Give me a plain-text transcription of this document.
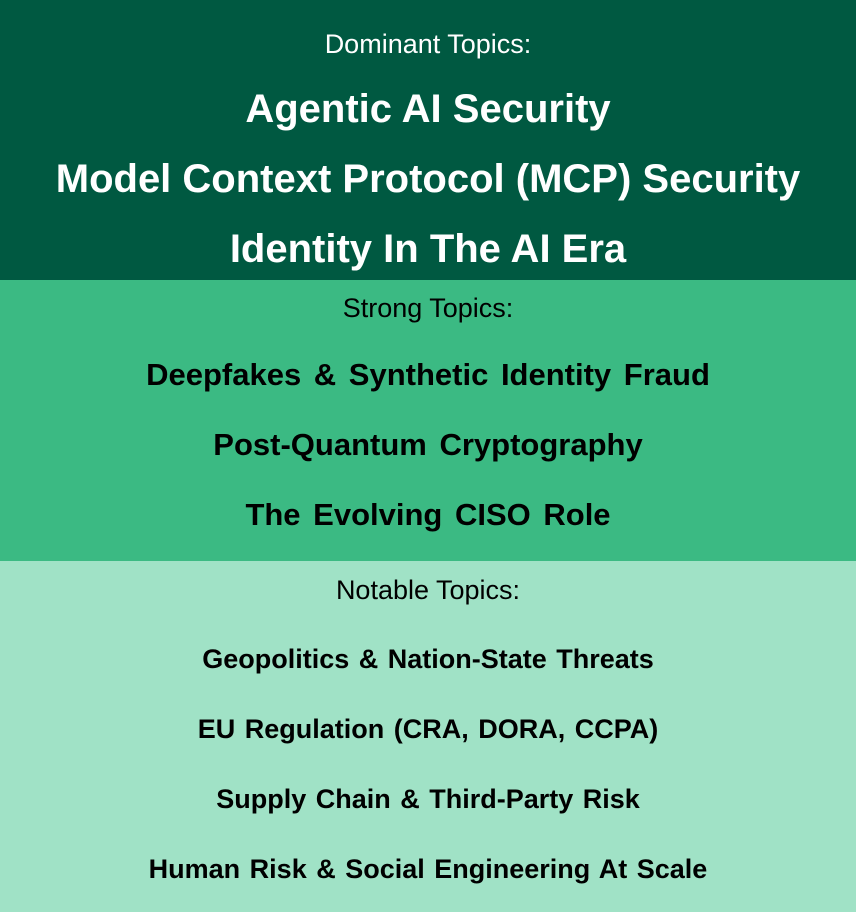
Dominant Topics:

Agentic AI Security

Model Context Protocol (MCP) Security

Identity In The AI Era

Strong Topics:

Deepfakes & Synthetic Identity Fraud

Post-Quantum Cryptography

The Evolving CISO Role

Notable Topics:

Geopolitics & Nation-State Threats

EU Regulation (CRA, DORA, CCPA)

Supply Chain & Third-Party Risk

Human Risk & Social Engineering At Scale
